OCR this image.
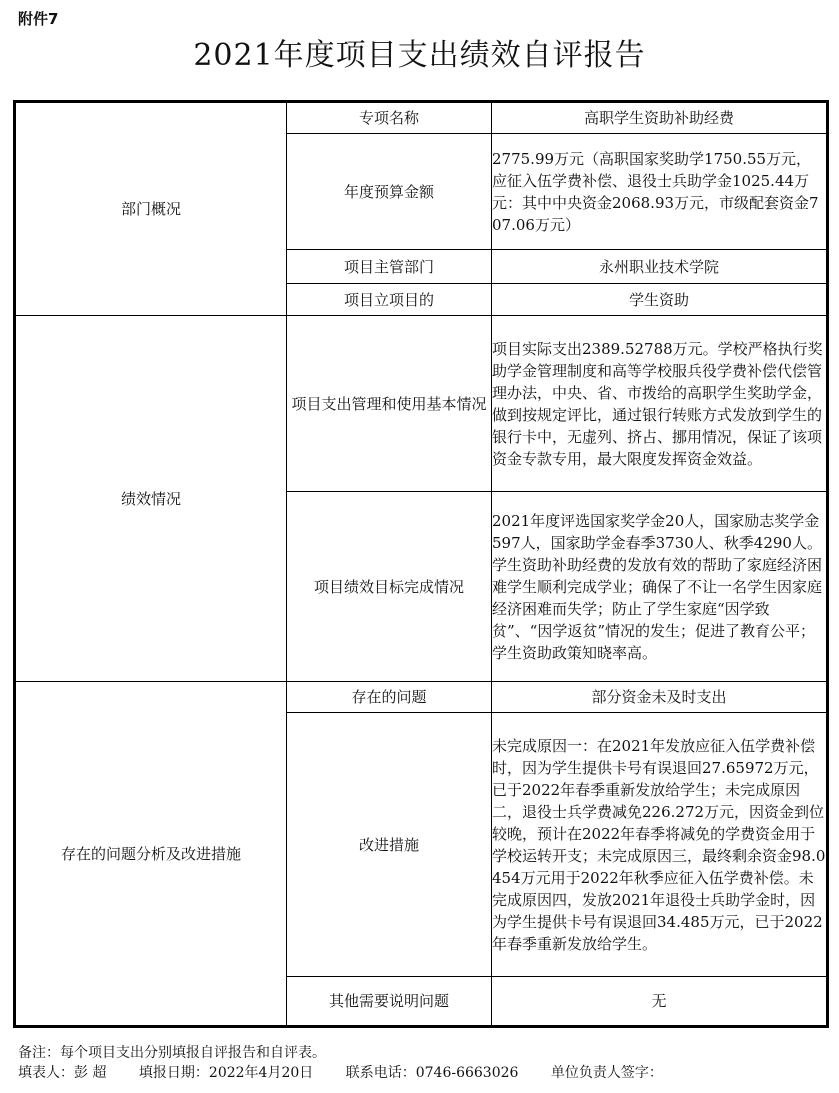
附件7
2021年度项目支出绩效自评报告
部门概况	专项名称	高职学生资助补助经费
	年度预算金额	2775.99万元（高职国家奖助学1750.55万元，应征入伍学费补偿、退役士兵助学金1025.44万元：其中中央资金2068.93万元，市级配套资金707.06万元）
	项目主管部门	永州职业技术学院
	项目立项目的	学生资助
绩效情况	项目支出管理和使用基本情况	项目实际支出2389.52788万元。学校严格执行奖助学金管理制度和高等学校服兵役学费补偿代偿管理办法，中央、省、市拨给的高职学生奖助学金，做到按规定评比，通过银行转账方式发放到学生的银行卡中，无虚列、挤占、挪用情况，保证了该项资金专款专用，最大限度发挥资金效益。
	项目绩效目标完成情况	2021年度评选国家奖学金20人，国家励志奖学金597人，国家助学金春季3730人、秋季4290人。学生资助补助经费的发放有效的帮助了家庭经济困难学生顺利完成学业；确保了不让一名学生因家庭经济困难而失学；防止了学生家庭“因学致贫”、“因学返贫”情况的发生；促进了教育公平；学生资助政策知晓率高。
存在的问题分析及改进措施	存在的问题	部分资金未及时支出
	改进措施	未完成原因一：在2021年发放应征入伍学费补偿时，因为学生提供卡号有误退回27.65972万元，已于2022年春季重新发放给学生；未完成原因二，退役士兵学费减免226.272万元，因资金到位较晚，预计在2022年春季将减免的学费资金用于学校运转开支；未完成原因三，最终剩余资金98.0454万元用于2022年秋季应征入伍学费补偿。未完成原因四，发放2021年退役士兵助学金时，因为学生提供卡号有误退回34.485万元，已于2022年春季重新发放给学生。
	其他需要说明问题	无
备注：每个项目支出分别填报自评报告和自评表。
填表人：彭 超 填报日期：2022年4月20日 联系电话：0746-6663026 单位负责人签字：
